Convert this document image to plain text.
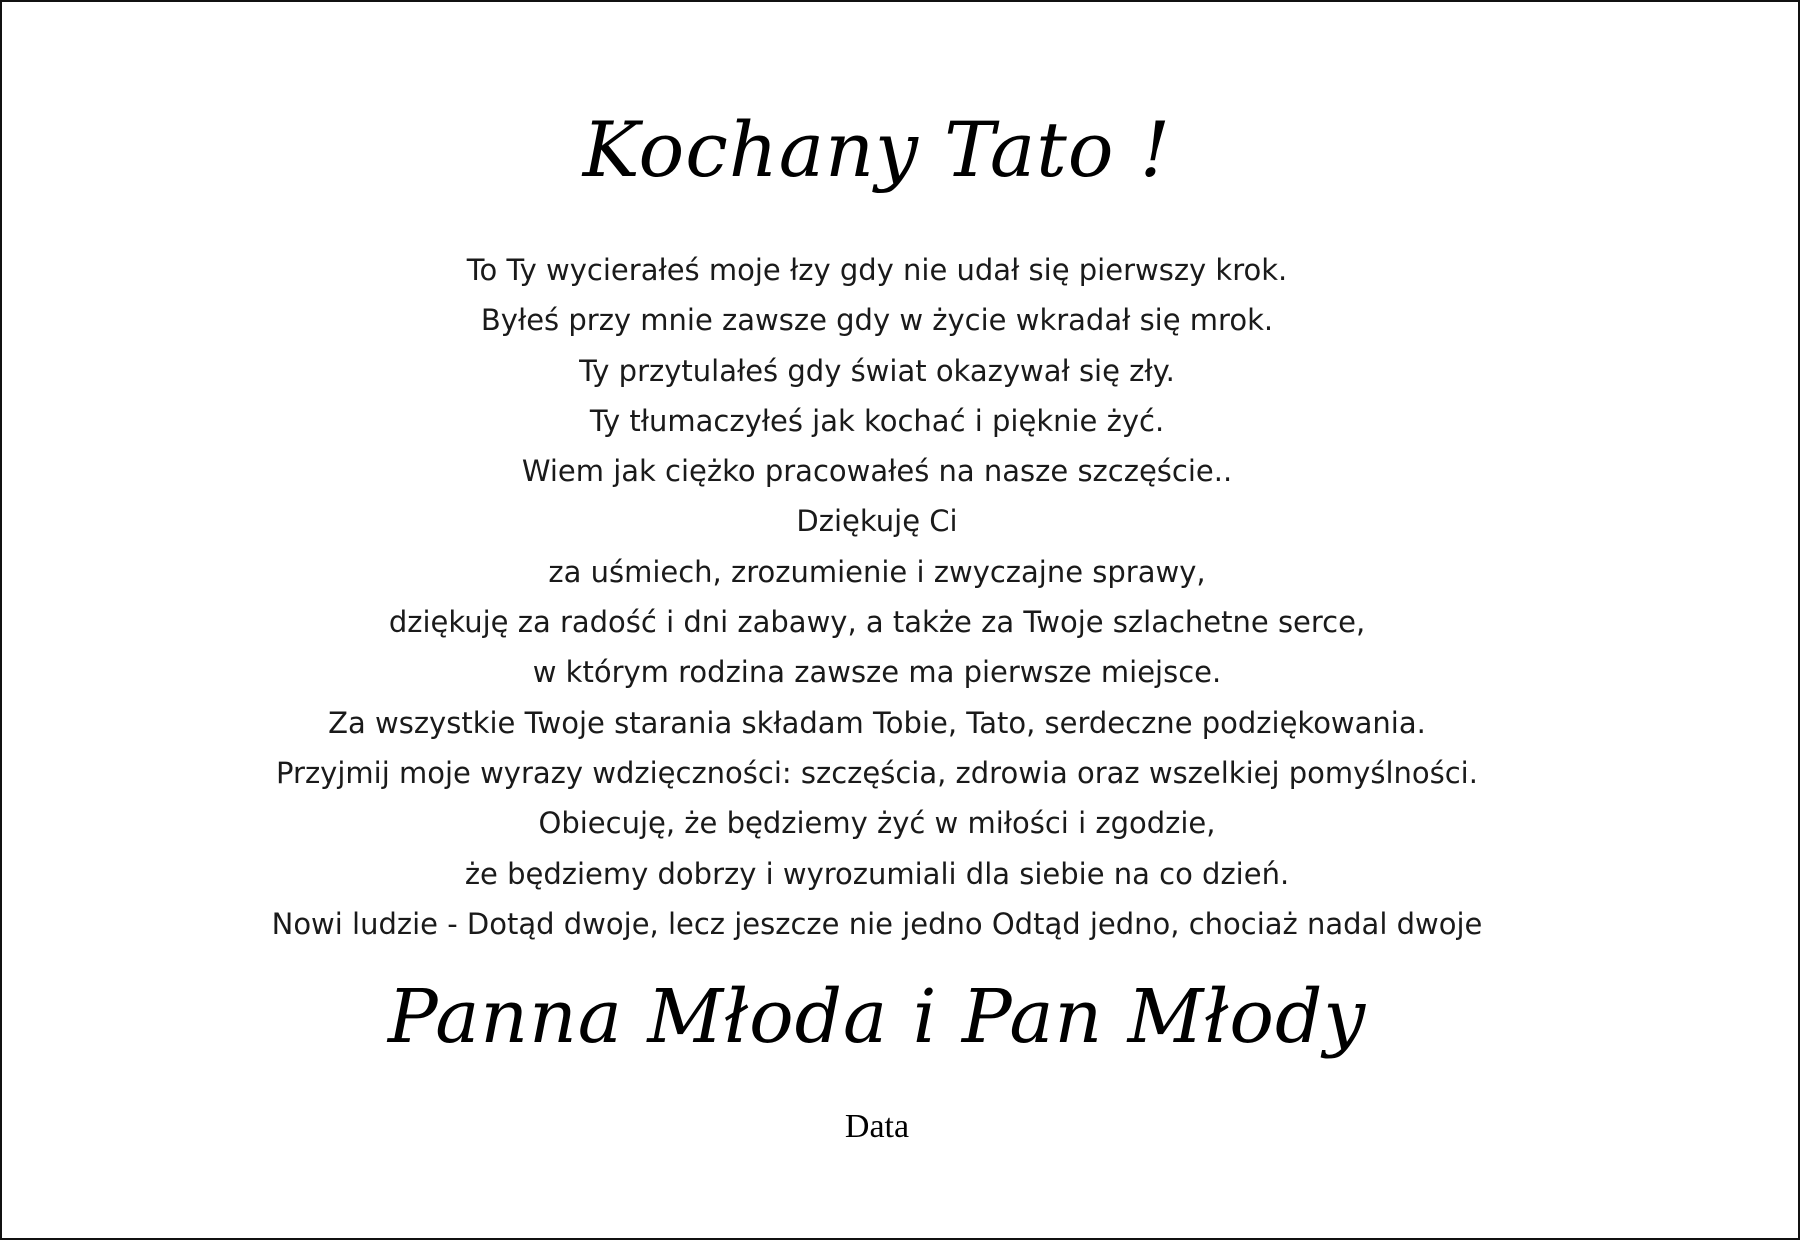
Kochany Tato !
To Ty wycierałeś moje łzy gdy nie udał się pierwszy krok.
Byłeś przy mnie zawsze gdy w życie wkradał się mrok.
Ty przytulałeś gdy świat okazywał się zły.
Ty tłumaczyłeś jak kochać i pięknie żyć.
Wiem jak ciężko pracowałeś na nasze szczęście..
Dziękuję Ci
za uśmiech, zrozumienie i zwyczajne sprawy,
dziękuję za radość i dni zabawy, a także za Twoje szlachetne serce,
w którym rodzina zawsze ma pierwsze miejsce.
Za wszystkie Twoje starania składam Tobie, Tato, serdeczne podziękowania.
Przyjmij moje wyrazy wdzięczności: szczęścia, zdrowia oraz wszelkiej pomyślności.
Obiecuję, że będziemy żyć w miłości i zgodzie,
że będziemy dobrzy i wyrozumiali dla siebie na co dzień.
Nowi ludzie - Dotąd dwoje, lecz jeszcze nie jedno Odtąd jedno, chociaż nadal dwoje
Panna Młoda i Pan Młody
Data
